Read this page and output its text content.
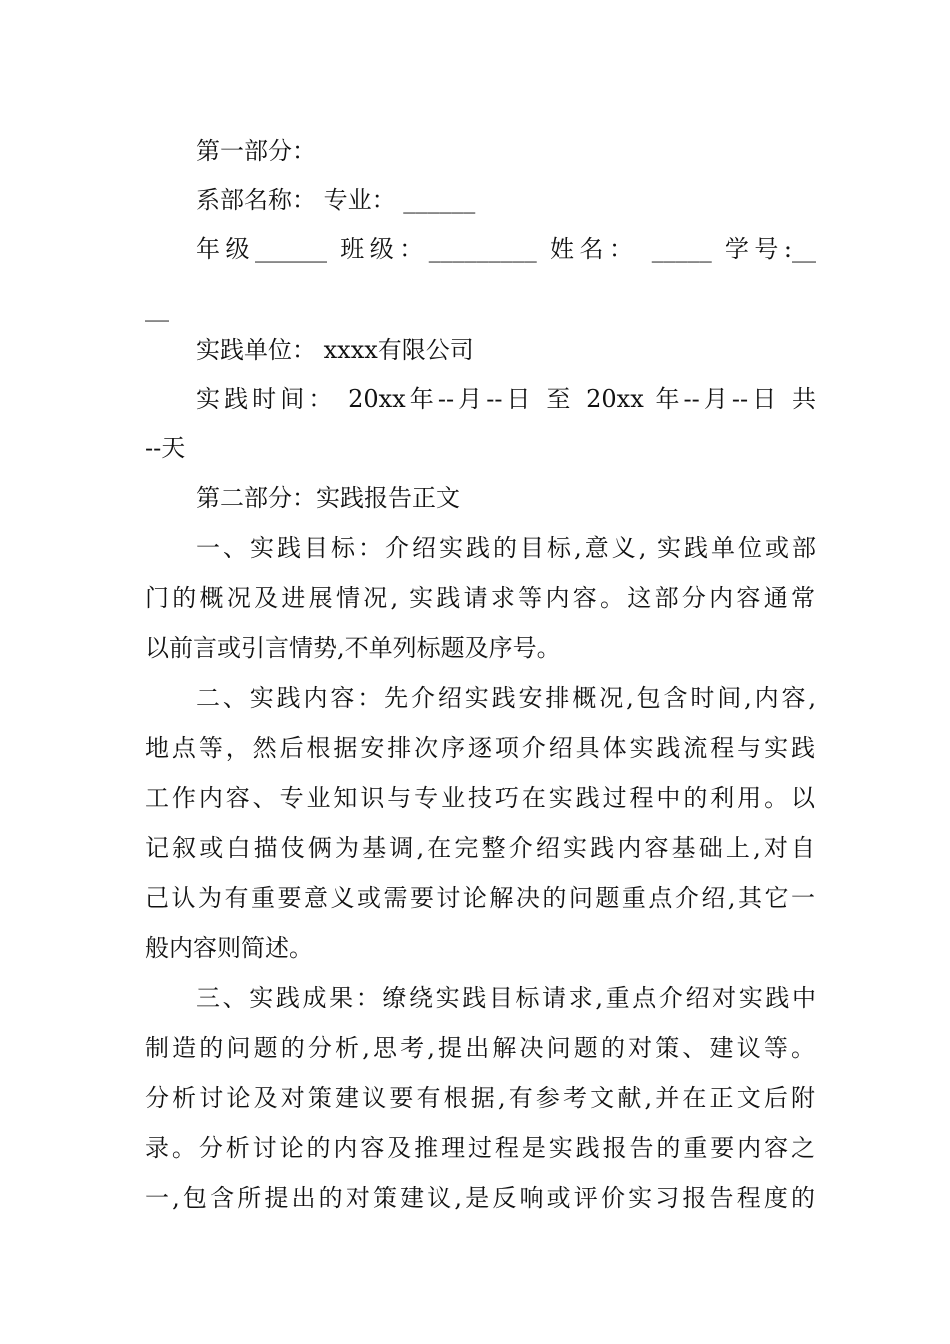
第一部分：
系部名称： 专业： ______
年级______ 班级：_________ 姓名： _____ 学号:__
__
实践单位： xxxx有限公司
实践时间： 20xx年--月--日 至 20xx 年--月--日 共
--天
第二部分：实践报告正文
一、实践目标：介绍实践的目标,意义, 实践单位或部
门的概况及进展情况, 实践请求等内容。这部分内容通常
以前言或引言情势,不单列标题及序号。
二、实践内容：先介绍实践安排概况,包含时间,内容,
地点等，然后根据安排次序逐项介绍具体实践流程与实践
工作内容、专业知识与专业技巧在实践过程中的利用。以
记叙或白描伎俩为基调,在完整介绍实践内容基础上,对自
己认为有重要意义或需要讨论解决的问题重点介绍,其它一
般内容则简述。
三、实践成果：缭绕实践目标请求,重点介绍对实践中
制造的问题的分析,思考,提出解决问题的对策、建议等。
分析讨论及对策建议要有根据,有参考文献,并在正文后附
录。分析讨论的内容及推理过程是实践报告的重要内容之
一,包含所提出的对策建议,是反响或评价实习报告程度的
